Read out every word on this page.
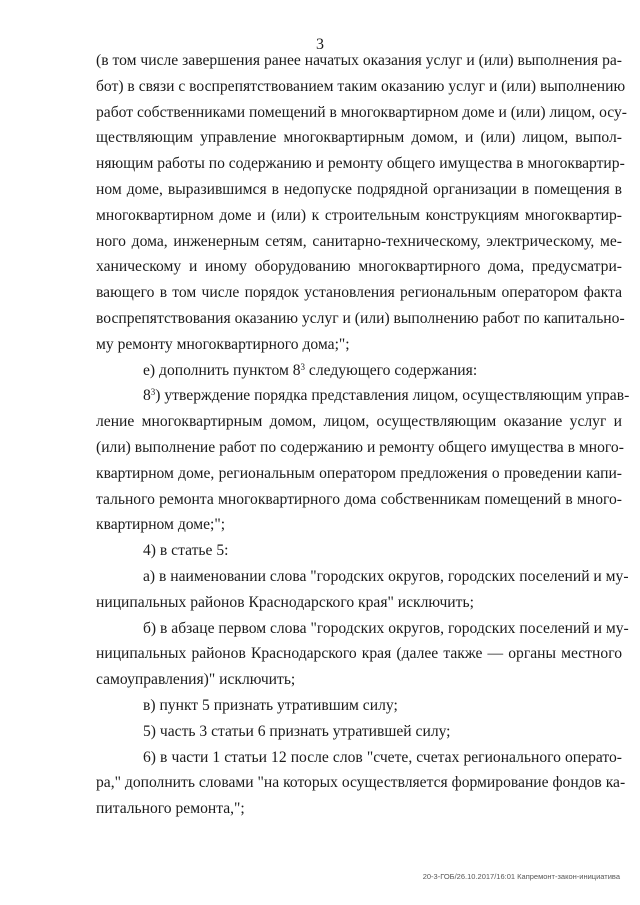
3
(в том числе завершения ранее начатых оказания услуг и (или) выполнения ра-
бот) в связи с воспрепятствованием таким оказанию услуг и (или) выполнению
работ собственниками помещений в многоквартирном доме и (или) лицом, осу-
ществляющим управление многоквартирным домом, и (или) лицом, выпол-
няющим работы по содержанию и ремонту общего имущества в многоквартир-
ном доме, выразившимся в недопуске подрядной организации в помещения в
многоквартирном доме и (или) к строительным конструкциям многоквартир-
ного дома, инженерным сетям, санитарно-техническому, электрическому, ме-
ханическому и иному оборудованию многоквартирного дома, предусматри-
вающего в том числе порядок установления региональным оператором факта
воспрепятствования оказанию услуг и (или) выполнению работ по капитально-
му ремонту многоквартирного дома;";
е) дополнить пунктом $8^3$ следующего содержания:
$8^3$) утверждение порядка представления лицом, осуществляющим управ-
ление многоквартирным домом, лицом, осуществляющим оказание услуг и
(или) выполнение работ по содержанию и ремонту общего имущества в много-
квартирном доме, региональным оператором предложения о проведении капи-
тального ремонта многоквартирного дома собственникам помещений в много-
квартирном доме;";
4) в статье 5:
а) в наименовании слова "городских округов, городских поселений и му-
ниципальных районов Краснодарского края" исключить;
б) в абзаце первом слова "городских округов, городских поселений и му-
ниципальных районов Краснодарского края (далее также — органы местного
самоуправления)" исключить;
в) пункт 5 признать утратившим силу;
5) часть 3 статьи 6 признать утратившей силу;
6) в части 1 статьи 12 после слов "счете, счетах регионального операто-
ра," дополнить словами "на которых осуществляется формирование фондов ка-
питального ремонта,";
20-3-ГОБ/26.10.2017/16:01 Капремонт-закон-инициатива
